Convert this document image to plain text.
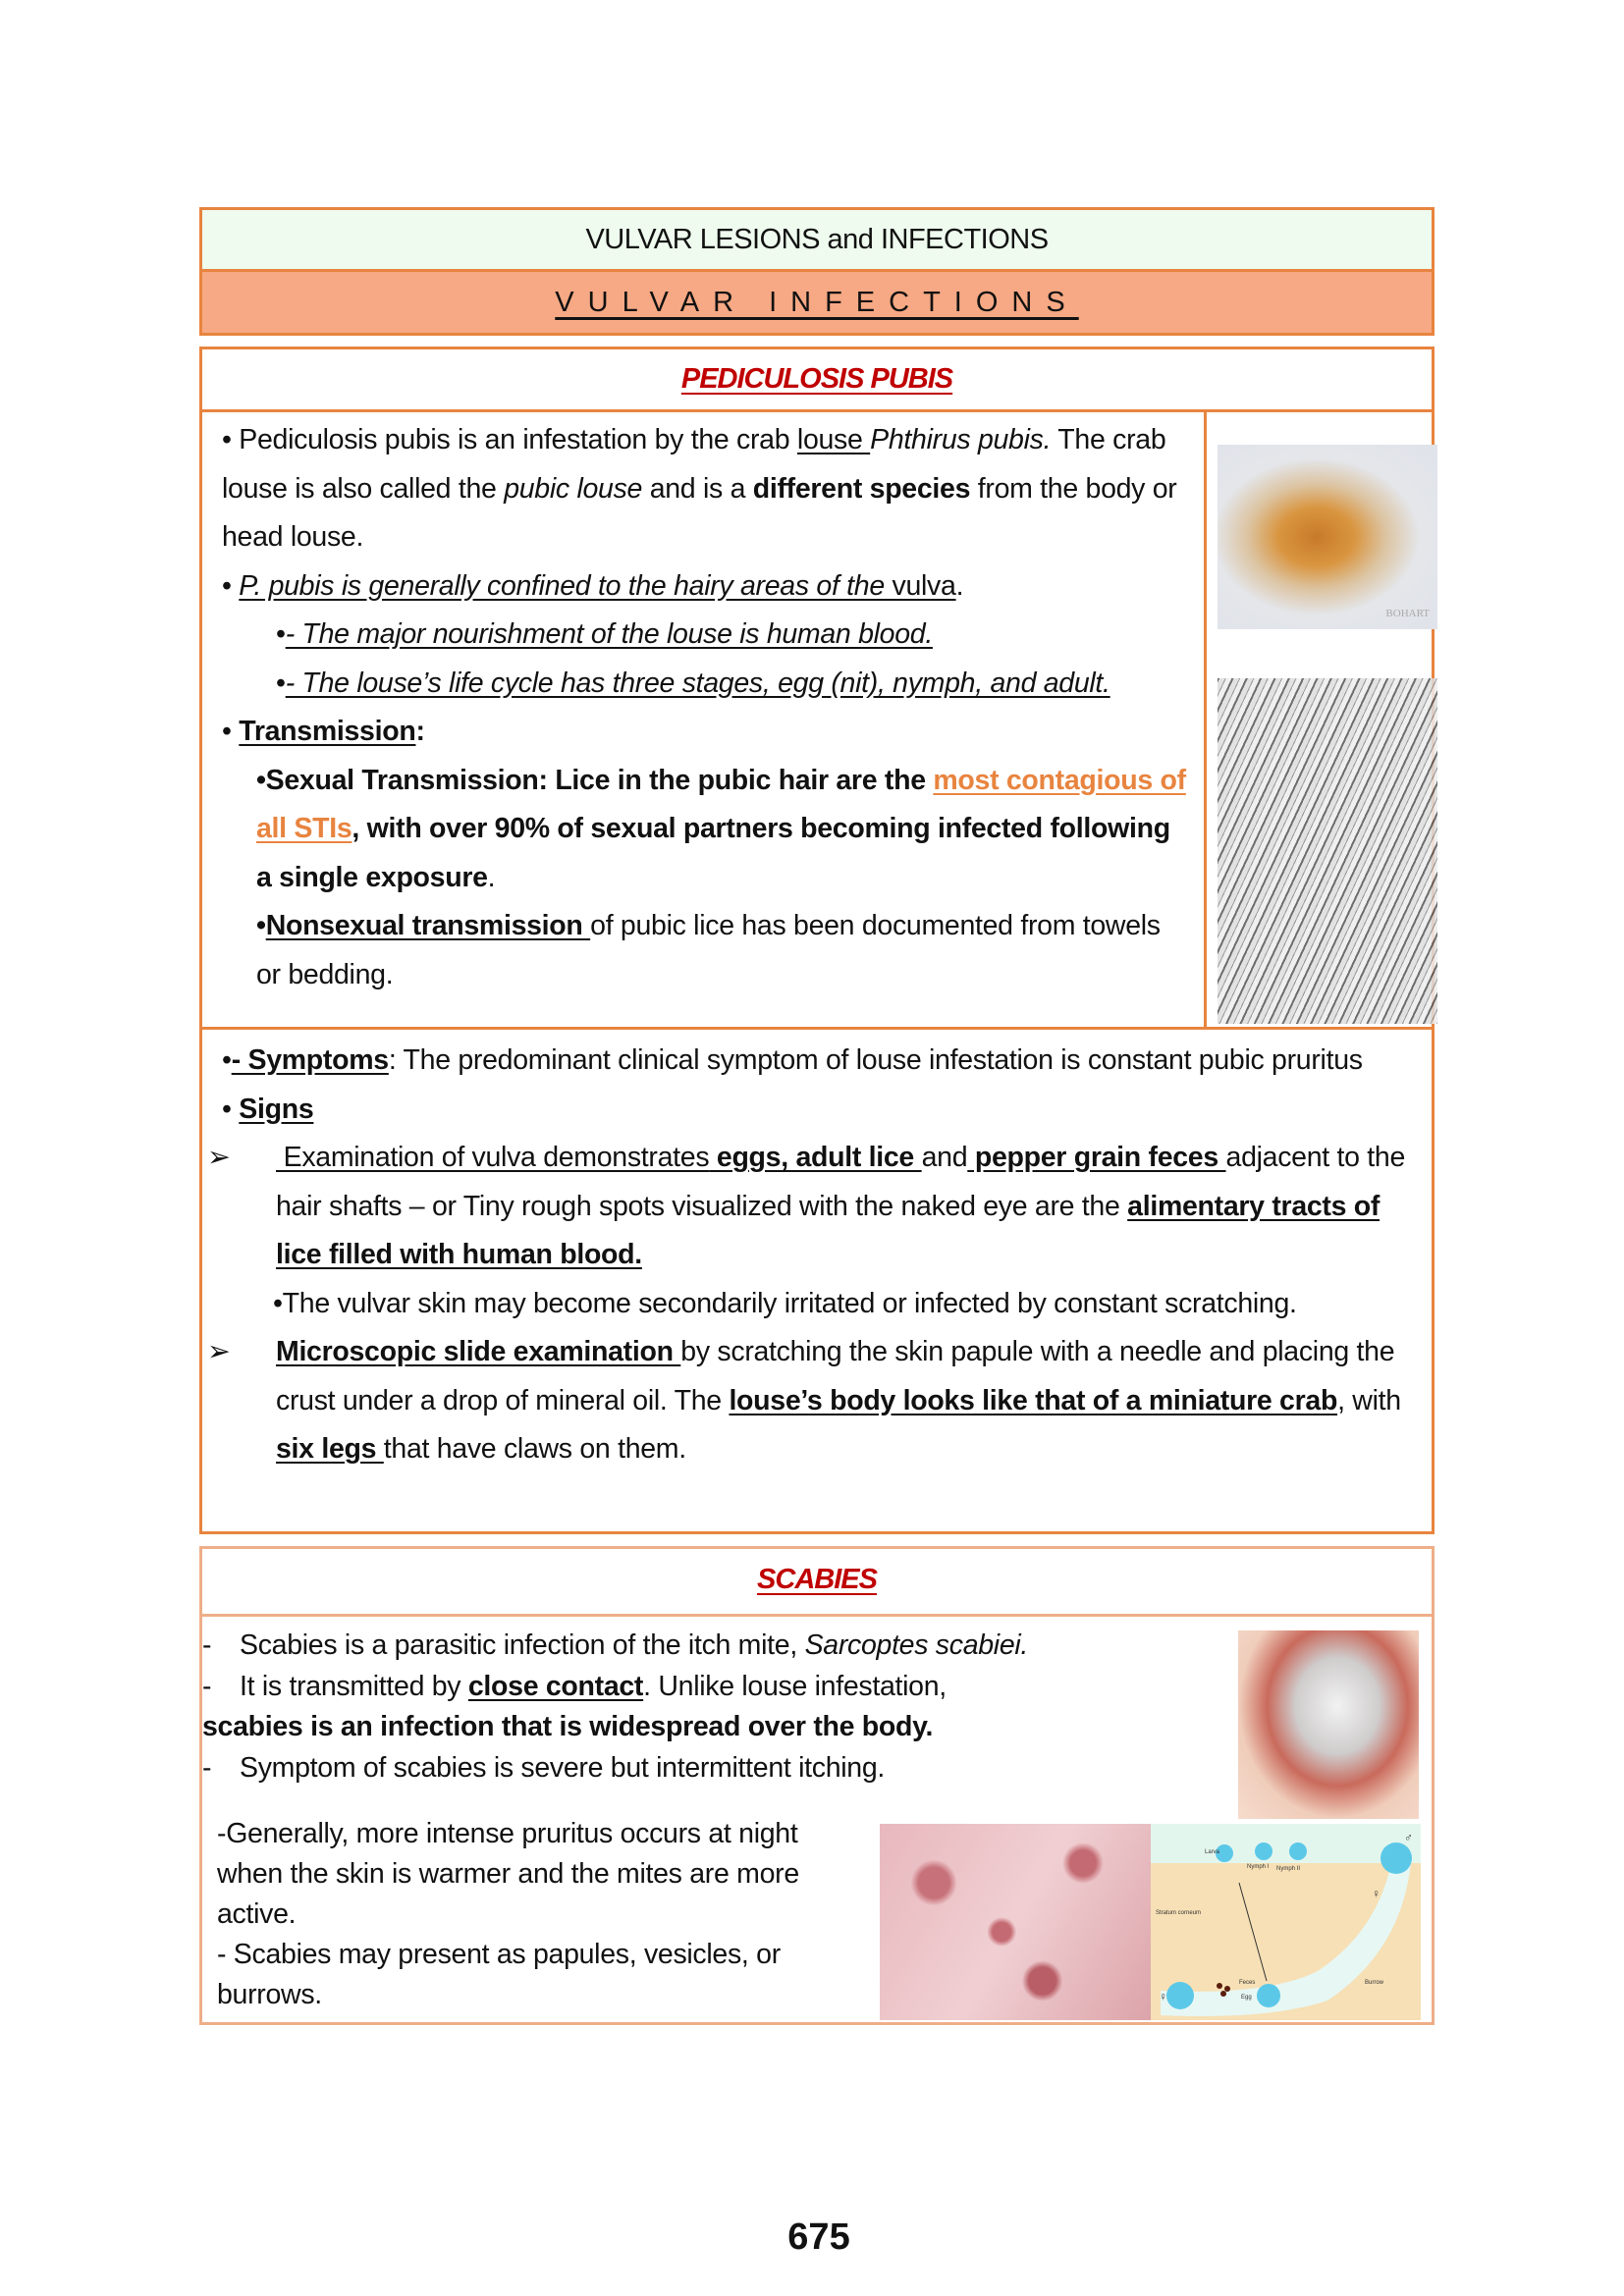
VULVAR LESIONS and INFECTIONS
VULVAR INFECTIONS
PEDICULOSIS PUBIS

• Pediculosis pubis is an infestation by the crab louse Phthirus pubis. The crab louse is also called the pubic louse and is a different species from the body or head louse.

• P. pubis is generally confined to the hairy areas of the vulva.

•- The major nourishment of the louse is human blood.

•- The louse’s life cycle has three stages, egg (nit), nymph, and adult.

• Transmission:

•Sexual Transmission: Lice in the pubic hair are the most contagious of all STIs, with over 90% of sexual partners becoming infected following a single exposure.

•Nonsexual transmission of pubic lice has been documented from towels or bedding.

BOHART

•- Symptoms: The predominant clinical symptom of louse infestation is constant pubic pruritus

• Signs

➢ Examination of vulva demonstrates eggs, adult lice and pepper grain feces adjacent to the hair shafts – or Tiny rough spots visualized with the naked eye are the alimentary tracts of lice filled with human blood.

•The vulvar skin may become secondarily irritated or infected by constant scratching.

➢ Microscopic slide examination by scratching the skin papule with a needle and placing the crust under a drop of mineral oil. The louse’s body looks like that of a miniature crab, with six legs that have claws on them.

SCABIES

- Scabies is a parasitic infection of the itch mite, Sarcoptes scabiei.

- It is transmitted by close contact. Unlike louse infestation,

scabies is an infection that is widespread over the body.

- Symptom of scabies is severe but intermittent itching.

-Generally, more intense pruritus occurs at night when the skin is warmer and the mites are more active.

- Scabies may present as papules, vesicles, or burrows.

Larva
Nymph I Nymph II
Stratum corneum
Feces
Egg
Burrow
♂
♀
♀
675
